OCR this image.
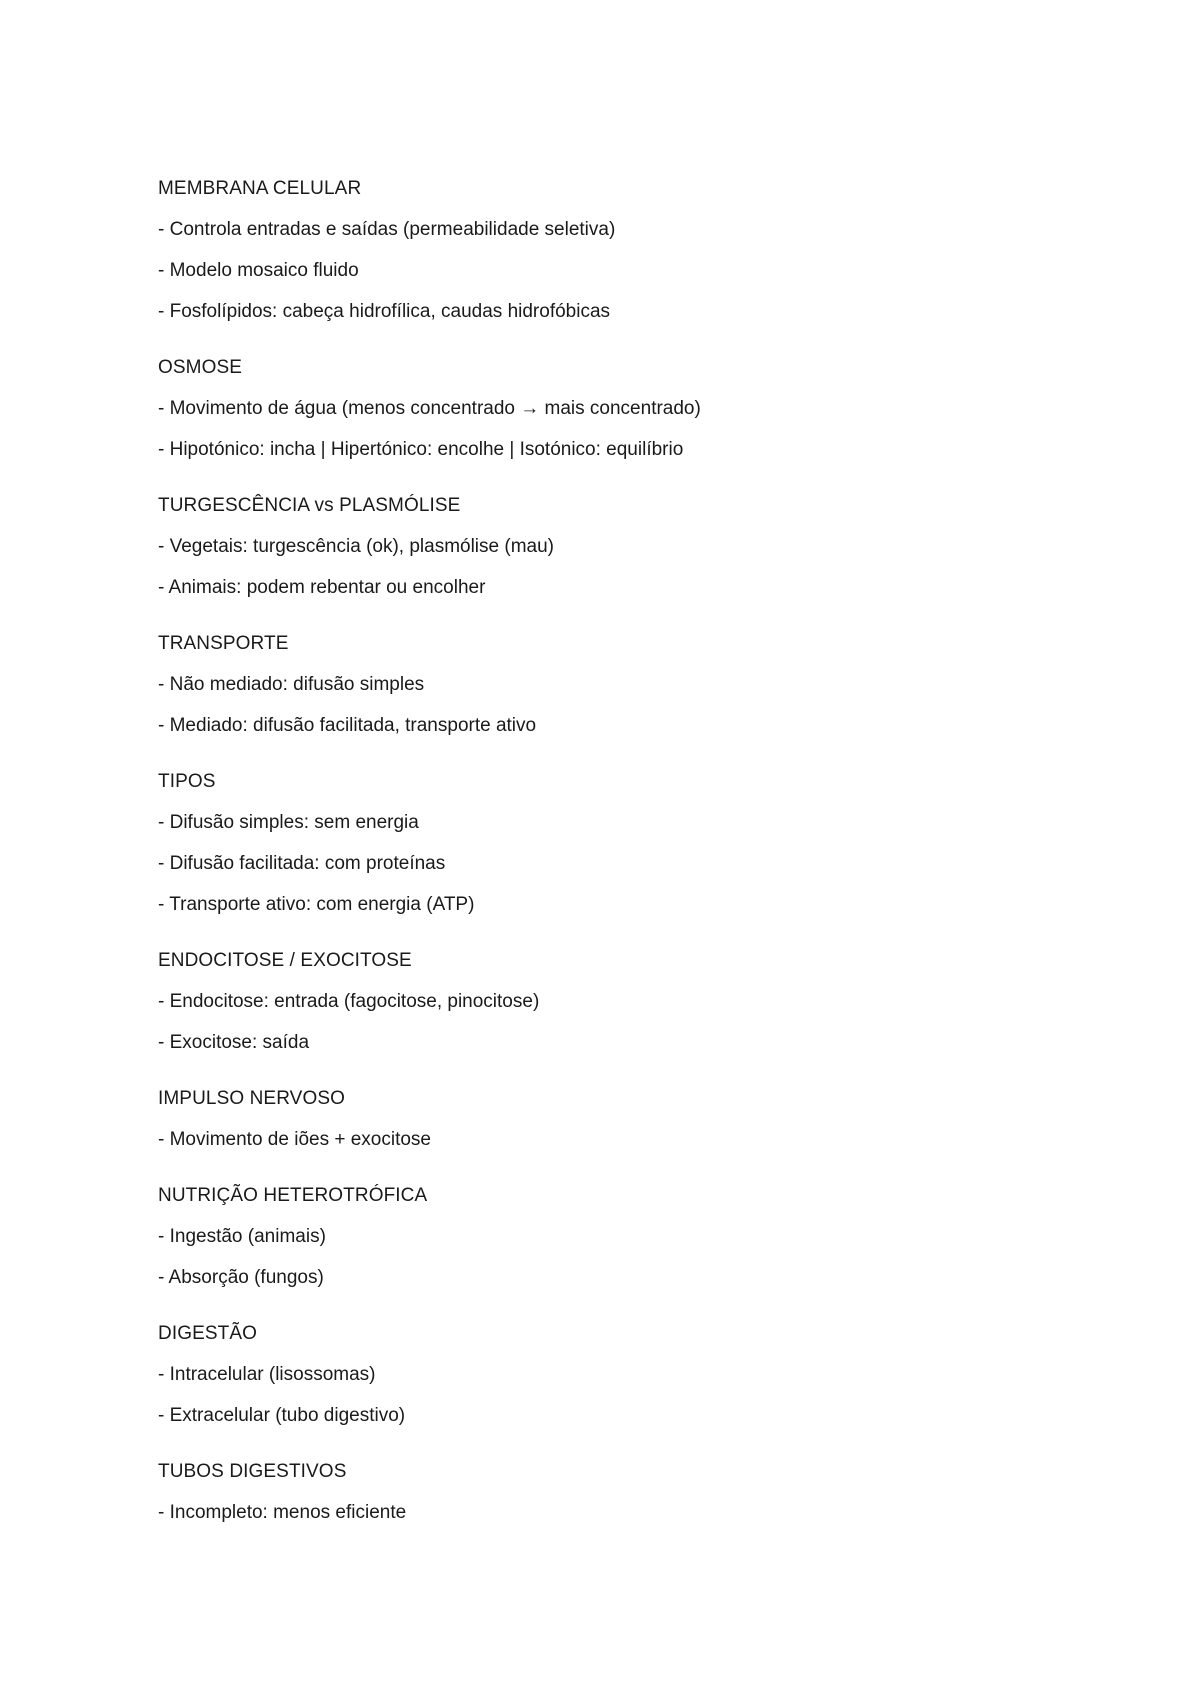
MEMBRANA CELULAR
- Controla entradas e saídas (permeabilidade seletiva)
- Modelo mosaico fluido
- Fosfolípidos: cabeça hidrofílica, caudas hidrofóbicas
OSMOSE
- Movimento de água (menos concentrado → mais concentrado)
- Hipotónico: incha | Hipertónico: encolhe | Isotónico: equilíbrio
TURGESCÊNCIA vs PLASMÓLISE
- Vegetais: turgescência (ok), plasmólise (mau)
- Animais: podem rebentar ou encolher
TRANSPORTE
- Não mediado: difusão simples
- Mediado: difusão facilitada, transporte ativo
TIPOS
- Difusão simples: sem energia
- Difusão facilitada: com proteínas
- Transporte ativo: com energia (ATP)
ENDOCITOSE / EXOCITOSE
- Endocitose: entrada (fagocitose, pinocitose)
- Exocitose: saída
IMPULSO NERVOSO
- Movimento de iões + exocitose
NUTRIÇÃO HETEROTRÓFICA
- Ingestão (animais)
- Absorção (fungos)
DIGESTÃO
- Intracelular (lisossomas)
- Extracelular (tubo digestivo)
TUBOS DIGESTIVOS
- Incompleto: menos eficiente
